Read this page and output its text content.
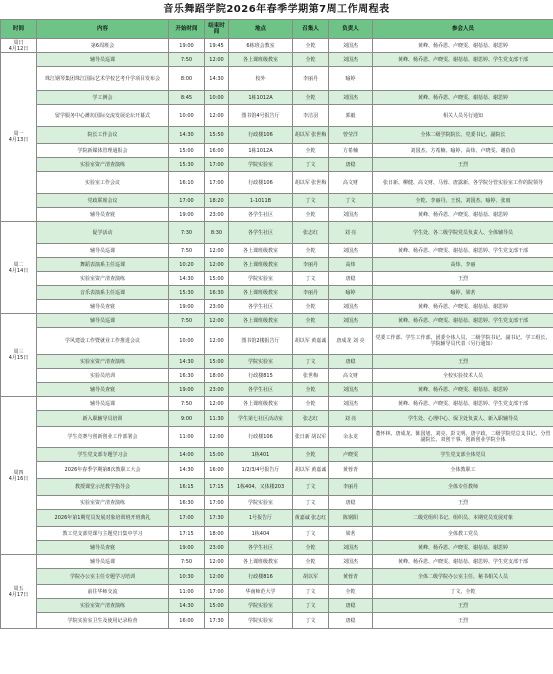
音乐舞蹈学院2026年春季学期第7周工作周程表
时间	内容	开始时间	结束时间	地点	召集人	负责人	参会人员

周日
4月12日	第6周班会	19:00	19:45	6栋班会教室	全乾	刘国杰	黄峰、杨乔恩、卢晓雯、谢蓓蓓、谢思婷

周一
4月13日	辅导员巡课	7:50	12:00	各上课班级教室	全乾	刘国杰	黄峰、杨乔恩、卢晓雯、谢蓓蓓、谢思婷、学生党支部干部
	珠江钢琴集团珠江国际艺术学校艺考升学项目发布会	8:00	14:30	校外	李丽丹	喻婷	
	学工例会	8:45	10:00	1栋1012A	全乾	刘国杰	黄峰、杨乔恩、卢晓雯、谢蓓蓓、谢思婷
	留学服务中心潍坊国际交流发展论坛开幕式	10:00	12:00	图书馆4号报告厅	李洁羽	郭毅	相关人员另行通知
	院长工作会议	14:30	15:50	行政楼106	胡以军 张世梅	曾莹洋	全体二级学院院长、党委书记、副院长
	学院新媒体管理通报会	15:00	16:00	1栋1012A	全乾	方希楠	刘国杰、方希楠、喻婷、高炜、卢晓雯、谢蓓蓓
	实验室资产清查演练	15:30	17:00	学院实验室	丁文	唐稳	王烈
	实验室工作会议	16:10	17:00	行政楼106	胡以军 张世梅	高文财	张日新、柳健、高文财、马蓉、唐露新、各学院分管实验室工作的院领导
	党政联席会议	17:00	18:20	1-1011B	丁文	丁文	全乾、李丽丹、王悦、刘国杰、喻婷、张雨
	辅导员查寝	19:00	23:00	各学生社区	全乾	刘国杰	黄峰、杨乔恩、卢晓雯、谢蓓蓓、谢思婷

周二
4月14日	促学活动	7:30	8:30	各学生社区	张志红	刘 亮	学生处、各二级学院党员负责人、全体辅导员
	辅导员巡课	7:50	12:00	各上课班级教室	全乾	刘国杰	黄峰、杨乔恩、卢晓雯、谢蓓蓓、谢思婷、学生党支部干部
	舞蹈表演系主任巡课	10:20	12:00	各上课班级教室	李丽丹	高炜	高炜、李丽
	实验室资产清查演练	14:30	15:00	学院实验室	丁文	唐稳	王烈
	音乐表演系主任巡课	15:30	16:30	各上课班级教室	李丽丹	喻婷	喻婷、梁茗
	辅导员查寝	19:00	23:00	各学生社区	全乾	刘国杰	黄峰、杨乔恩、卢晓雯、谢蓓蓓、谢思婷

周三
4月15日	辅导员巡课	7:50	12:00	各上课班级教室	全乾	刘国杰	黄峰、杨乔恩、卢晓雯、谢蓓蓓、谢思婷、学生党支部干部
	学风建设工作暨就业工作推进会议	10:00	12:00	图书馆2楼报告厅	胡以军 黄嘉诚	唐成龙 刘 亮	党委工作部、学生工作部、团委全体人员、二级学院书记、副书记、学工组长、学院辅导员代表（另行通知）
	实验室资产清查演练	14:30	15:00	学院实验室	丁文	唐稳	王烈
	实验员培训	16:30	18:00	行政楼815	张世梅	高文财	全校实验技术人员
	辅导员查寝	19:00	23:00	各学生社区	全乾	刘国杰	黄峰、杨乔恩、卢晓雯、谢蓓蓓、谢思婷

周四
4月16日	辅导员巡课	7:50	12:00	各上课班级教室	全乾	刘国杰	黄峰、杨乔恩、卢晓雯、谢蓓蓓、谢思婷、学生党支部干部
	新入职辅导员培训	9:00	11:30	学生第七社区活动室	张志红	刘 亮	学生处、心理中心、保卫处负责人、新入职辅导员
	学生竞赛与创新创业工作部署会	11:00	12:00	行政楼106	张日新 胡以军	余永龙	董怀林、唐成龙、陈国旭、刘亮、彭文明、唐宇政、二级学院党总支书记、分管副院长、双创干事、创新创业学院全体
	学生党支部专题学习会	14:00	15:00	1栋401	全乾	卢晓雯	学生党支部全体党员
	2026年春季学期第8次教职工大会	14:30	16:00	1/2/3/4号报告厅	胡以军 黄嘉诚	黄蓉青	全体教职工
	教授课堂示范教学指导会	16:15	17:15	1栋404、又体楼203	丁文	李丽丹	全体专任教师
	实验室资产清查演练	16:30	17:00	学院实验室	丁文	唐稳	王烈
	2026年第1期党员发展对象培训班开班典礼	17:00	17:30	1号报告厅	黄嘉诚 张志红	陈钢阳	二级党组织书记、组织员、本期党员发展对象
	教工党支部党课与主题党日集中学习	17:15	18:00	1栋404	丁文	梁茗	全体教工党员
	辅导员查寝	19:00	23:00	各学生社区	全乾	刘国杰	黄峰、杨乔恩、卢晓雯、谢蓓蓓、谢思婷

周五
4月17日	辅导员巡课	7:50	12:00	各上课班级教室	全乾	刘国杰	黄峰、杨乔恩、卢晓雯、谢蓓蓓、谢思婷、学生党支部干部
	学院办公室主任专题学习培训	10:30	12:00	行政楼816	胡以军	黄蓉青	全体二级学院办公室主任、秘书相关人员
	前往华师交流	11:00	17:00	华南师范大学	丁文	全乾	丁文、全乾
	实验室资产清查演练	14:30	15:00	学院实验室	丁文	唐稳	王烈
	学院实验室卫生及使用记录检查	16:00	17:30	学院实验室	丁文	唐稳	王烈
